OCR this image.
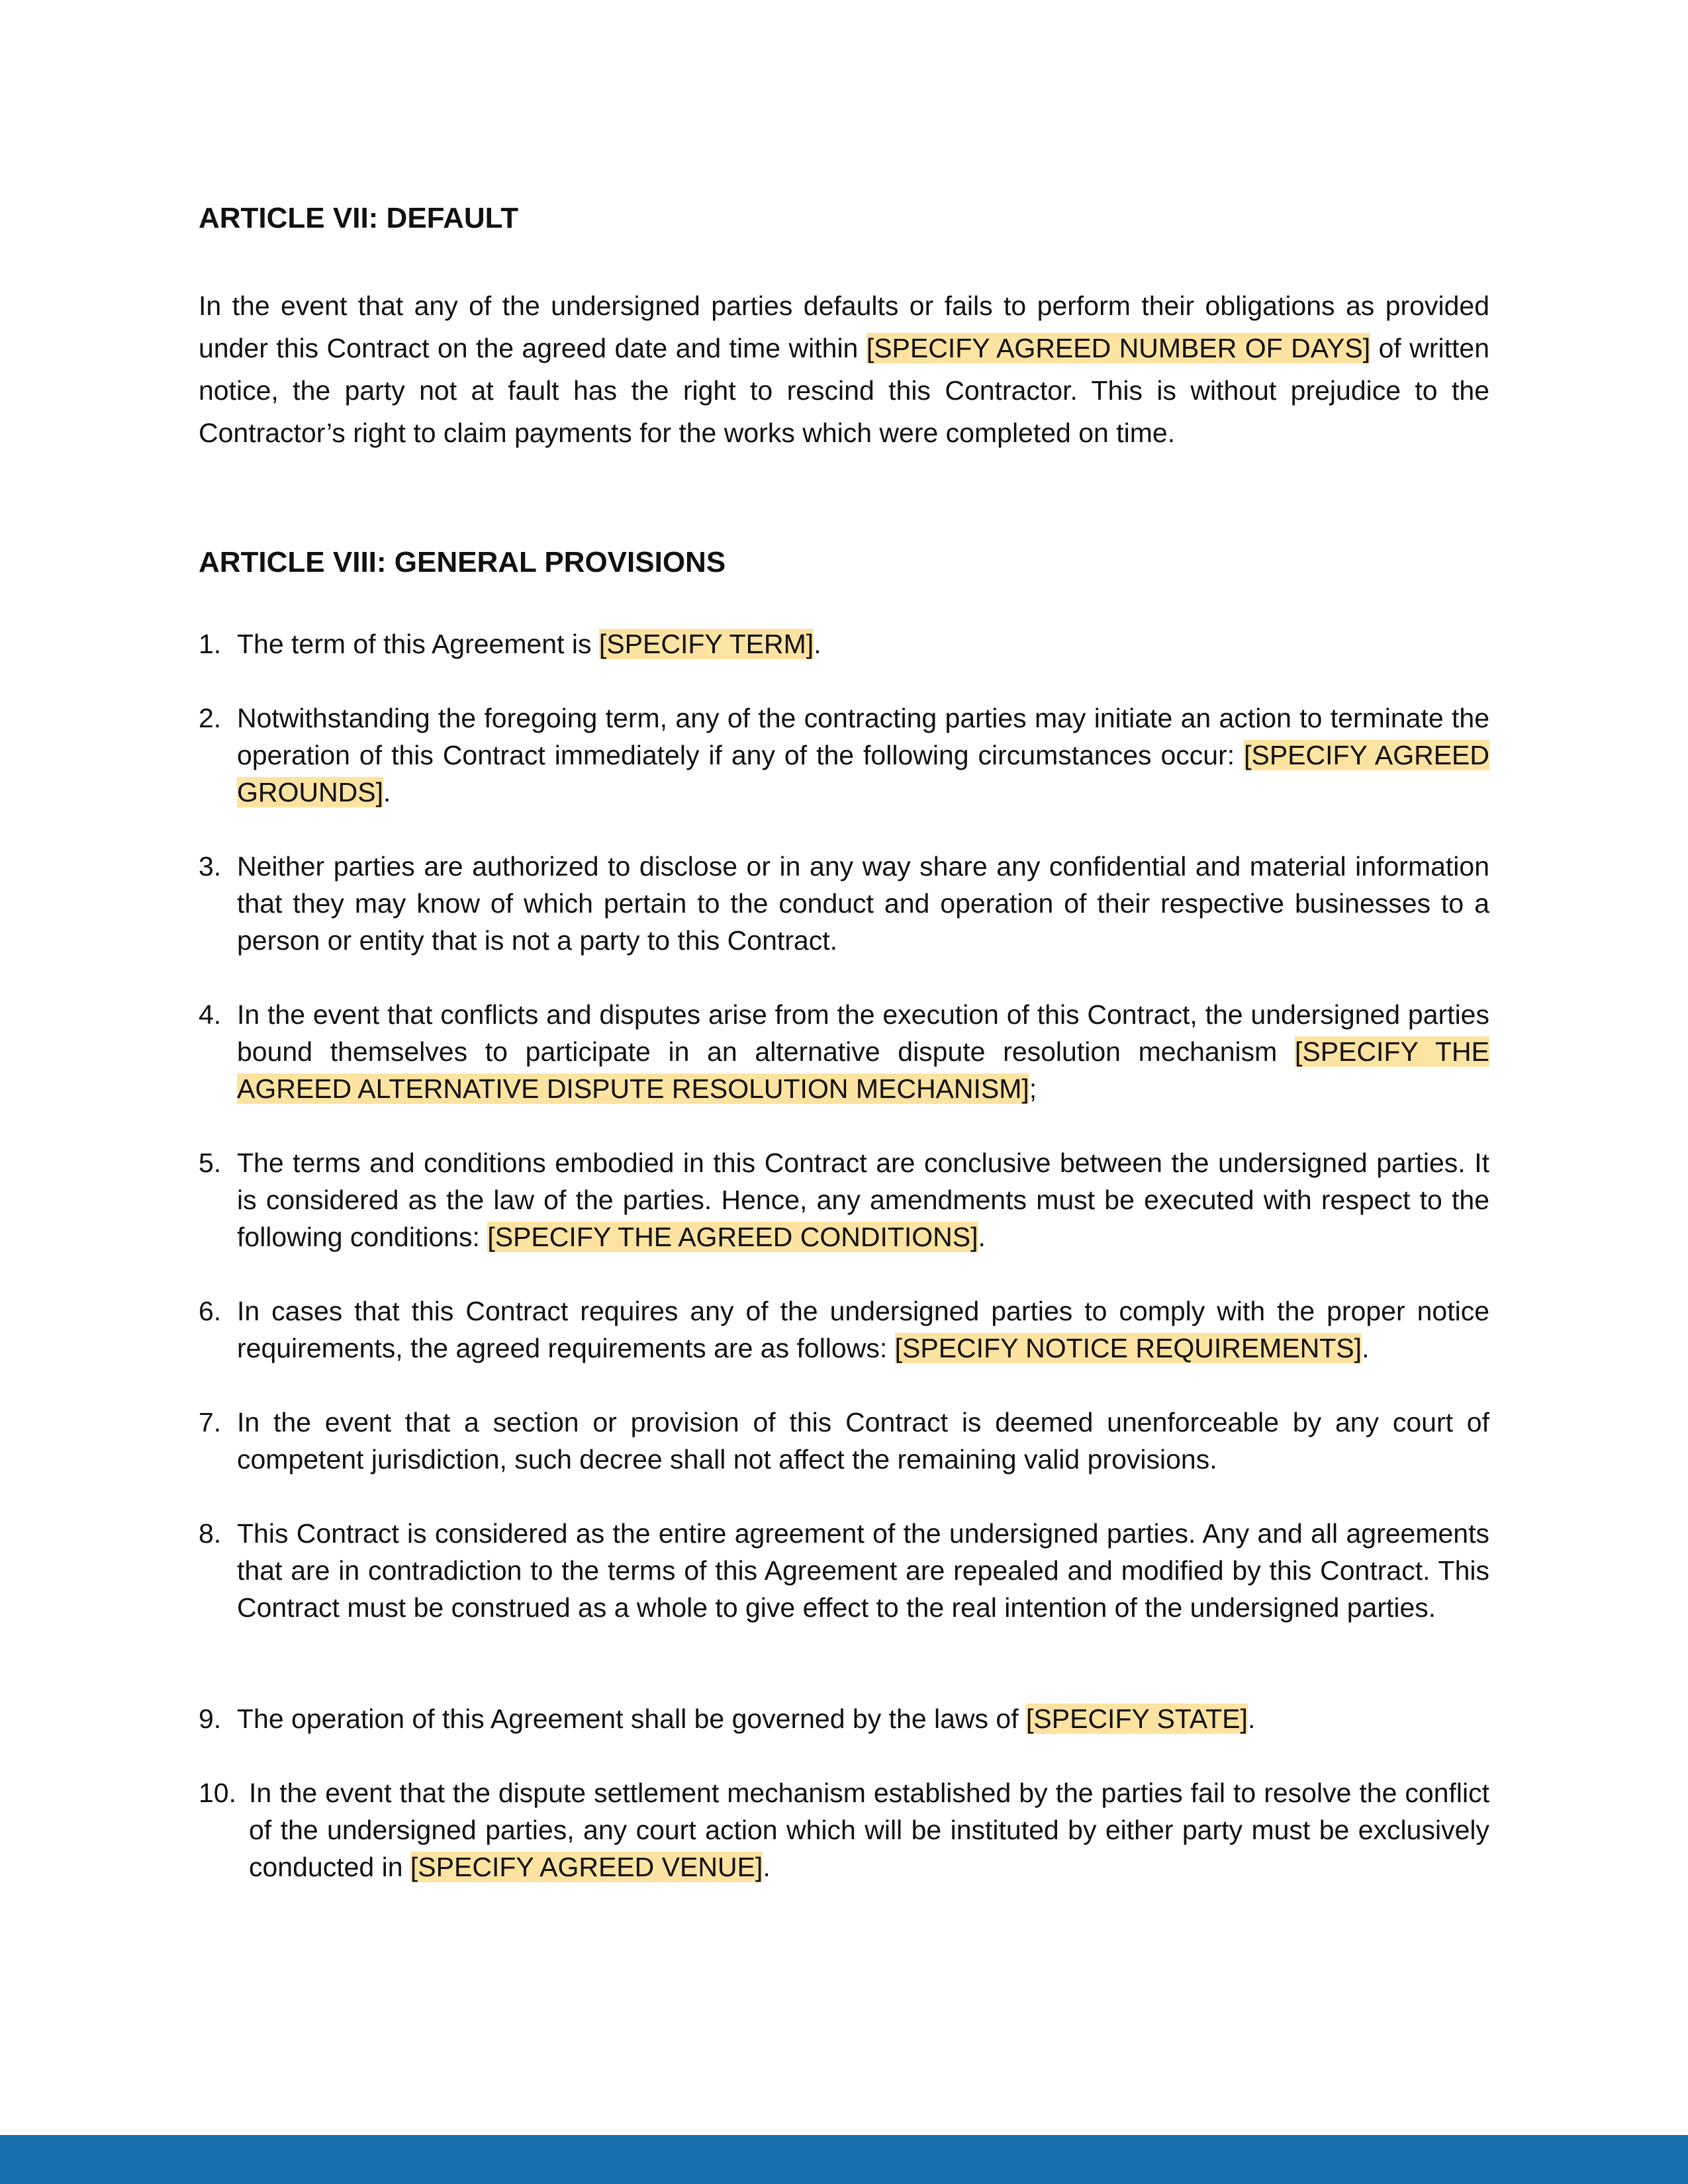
ARTICLE VII: DEFAULT

In the event that any of the undersigned parties defaults or fails to perform their obligations as provided under this Contract on the agreed date and time within [SPECIFY AGREED NUMBER OF DAYS] of written notice, the party not at fault has the right to rescind this Contractor. This is without prejudice to the Contractor’s right to claim payments for the works which were completed on time.

ARTICLE VIII: GENERAL PROVISIONS
1. The term of this Agreement is [SPECIFY TERM].
2. Notwithstanding the foregoing term, any of the contracting parties may initiate an action to terminate the operation of this Contract immediately if any of the following circumstances occur: [SPECIFY AGREED GROUNDS].
3. Neither parties are authorized to disclose or in any way share any confidential and material information that they may know of which pertain to the conduct and operation of their respective businesses to a person or entity that is not a party to this Contract.
4. In the event that conflicts and disputes arise from the execution of this Contract, the undersigned parties bound themselves to participate in an alternative dispute resolution mechanism [SPECIFY THE AGREED ALTERNATIVE DISPUTE RESOLUTION MECHANISM];
5. The terms and conditions embodied in this Contract are conclusive between the undersigned parties. It is considered as the law of the parties. Hence, any amendments must be executed with respect to the following conditions: [SPECIFY THE AGREED CONDITIONS].
6. In cases that this Contract requires any of the undersigned parties to comply with the proper notice requirements, the agreed requirements are as follows: [SPECIFY NOTICE REQUIREMENTS].
7. In the event that a section or provision of this Contract is deemed unenforceable by any court of competent jurisdiction, such decree shall not affect the remaining valid provisions.
8. This Contract is considered as the entire agreement of the undersigned parties. Any and all agreements that are in contradiction to the terms of this Agreement are repealed and modified by this Contract. This Contract must be construed as a whole to give effect to the real intention of the undersigned parties.
9. The operation of this Agreement shall be governed by the laws of [SPECIFY STATE].
10. In the event that the dispute settlement mechanism established by the parties fail to resolve the conflict of the undersigned parties, any court action which will be instituted by either party must be exclusively conducted in [SPECIFY AGREED VENUE].
